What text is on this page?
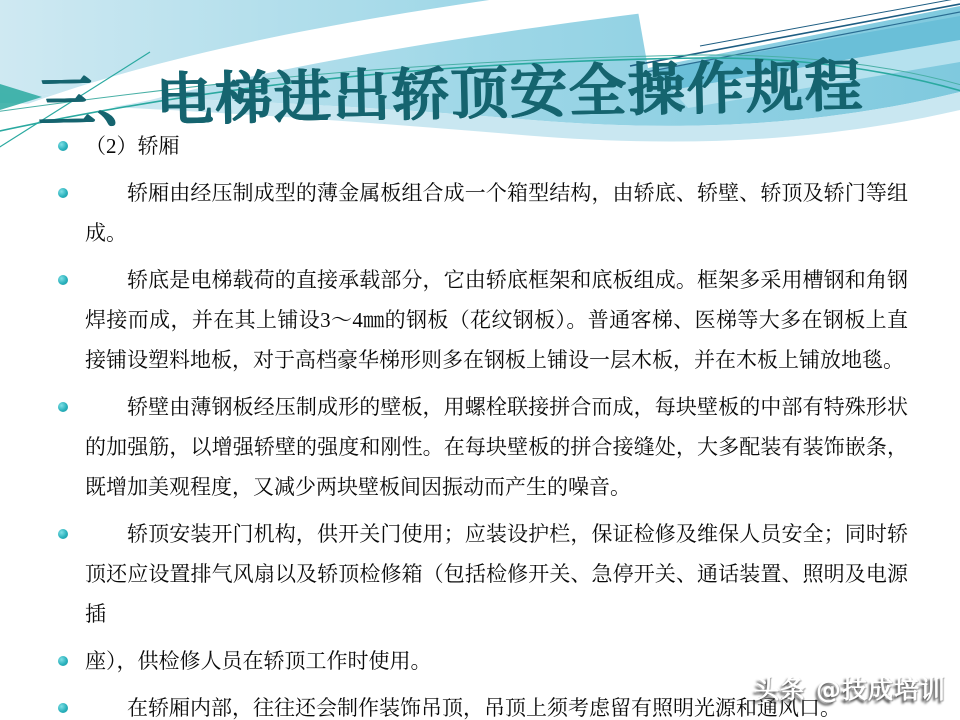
三、电梯进出轿顶安全操作规程
（2）轿厢
轿厢由经压制成型的薄金属板组合成一个箱型结构，由轿底、轿壁、轿顶及轿门等组成。
轿底是电梯载荷的直接承载部分，它由轿底框架和底板组成。框架多采用槽钢和角钢焊接而成，并在其上铺设3～4㎜的钢板（花纹钢板）。普通客梯、医梯等大多在钢板上直接铺设塑料地板，对于高档豪华梯形则多在钢板上铺设一层木板，并在木板上铺放地毯。
轿壁由薄钢板经压制成形的壁板，用螺栓联接拼合而成，每块壁板的中部有特殊形状的加强筋，以增强轿壁的强度和刚性。在每块壁板的拼合接缝处，大多配装有装饰嵌条，既增加美观程度，又减少两块壁板间因振动而产生的噪音。
轿顶安装开门机构，供开关门使用；应装设护栏，保证检修及维保人员安全；同时轿顶还应设置排气风扇以及轿顶检修箱（包括检修开关、急停开关、通话装置、照明及电源插
座），供检修人员在轿顶工作时使用。
在轿厢内部，往往还会制作装饰吊顶，吊顶上须考虑留有照明光源和通风口。
头条 @技成培训
